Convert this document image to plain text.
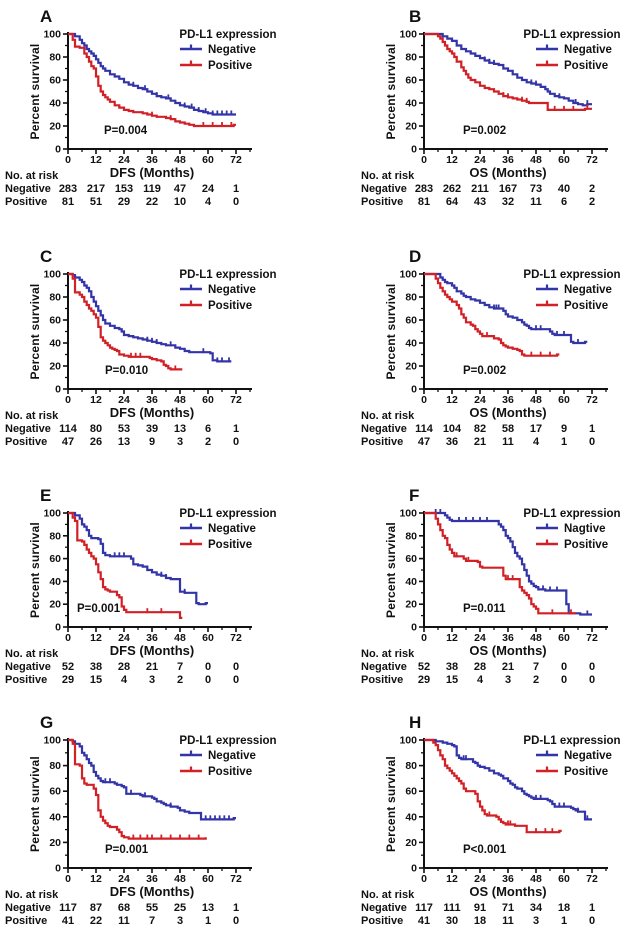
A
0
20
40
60
80
100
0 12 24 36 48 60 72
Percent survival
PD-L1 expression
Negative
Positive
P=0.004
DFS (Months)
No. at risk
Negative 283 217 153 119 47 24 1
Positive 81 51 29 22 10 4 0
B
0
20
40
60
80
100
0 12 24 36 48 60 72
Percent survival
PD-L1 expression
Negative
Positive
P=0.002
OS (Months)
No. at risk
Negative 283 262 211 167 73 40 2
Positive 81 64 43 32 11 6 2
C
0
20
40
60
80
100
0 12 24 36 48 60 72
Percent survival
PD-L1 expression
Negative
Positive
P=0.010
DFS (Months)
No. at risk
Negative 114 80 53 39 13 6 1
Positive 47 26 13 9 3 2 0
D
0
20
40
60
80
100
0 12 24 36 48 60 72
Percent survival
PD-L1 expression
Negative
Positive
P=0.002
OS (Months)
No. at risk
Negative 114 104 82 58 17 9 1
Positive 47 36 21 11 4 1 0
E
0
20
40
60
80
100
0 12 24 36 48 60 72
Percent survival
PD-L1 expression
Negative
Positive
P=0.001
DFS (Months)
No. at risk
Negative 52 38 28 21 7 0 0
Positive 29 15 4 3 2 0 0
F
0
20
40
60
80
100
0 12 24 36 48 60 72
Percent survival
PD-L1 expression
Nagtive
Positive
P=0.011
OS (Months)
No. at risk
Negative 52 38 28 21 7 0 0
Positive 29 15 4 3 2 0 0
G
0
20
40
60
80
100
0 12 24 36 48 60 72
Percent survival
PD-L1 expression
Negative
Positive
P=0.001
DFS (Months)
No. at risk
Negative 117 87 68 55 25 13 1
Positive 41 22 11 7 3 1 0
H
0
20
40
60
80
100
0 12 24 36 48 60 72
Percent survival
PD-L1 expression
Negative
Positive
P<0.001
OS (Months)
No. at risk
Negative 117 111 91 71 34 18 1
Positive 41 30 18 11 3 1 0
